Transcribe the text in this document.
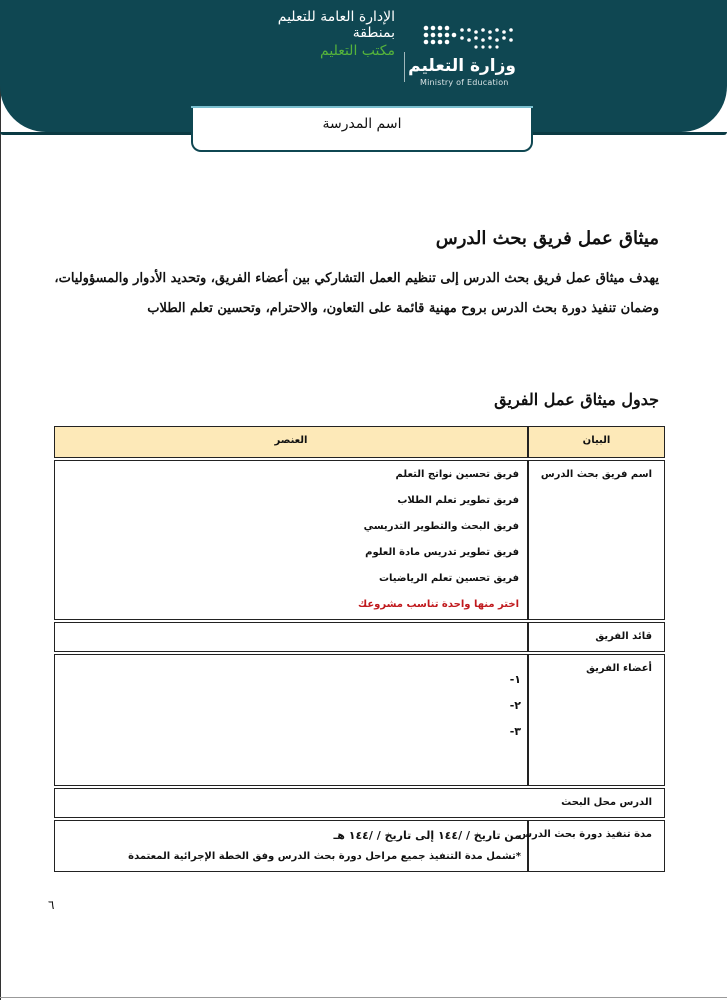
وزارة التعليم
Ministry of Education
الإدارة العامة للتعليم
بمنطقة
مكتب التعليم
اسم المدرسة
ميثاق عمل فريق بحث الدرس
يهدف ميثاق عمل فريق بحث الدرس إلى تنظيم العمل التشاركي بين أعضاء الفريق، وتحديد الأدوار والمسؤوليات، وضمان تنفيذ دورة بحث الدرس بروح مهنية قائمة على التعاون، والاحترام، وتحسين تعلم الطلاب
جدول ميثاق عمل الفريق
العنصر	البيان
فريق تحسين نواتج التعلم
فريق تطوير تعلم الطلاب
فريق البحث والتطوير التدريسي
فريق تطوير تدريس مادة العلوم
فريق تحسين تعلم الرياضيات
اختر منها واحدة تناسب مشروعك
اسم فريق بحث الدرس
قائد الفريق
١-
٢-
٣-
أعضاء الفريق
الدرس محل البحث
من تاريخ / /١٤٤ إلى تاريخ / /١٤٤ هـ
*تشمل مدة التنفيذ جميع مراحل دورة بحث الدرس وفق الخطة الإجرائية المعتمدة
مدة تنفيذ دورة بحث الدرس
٦
